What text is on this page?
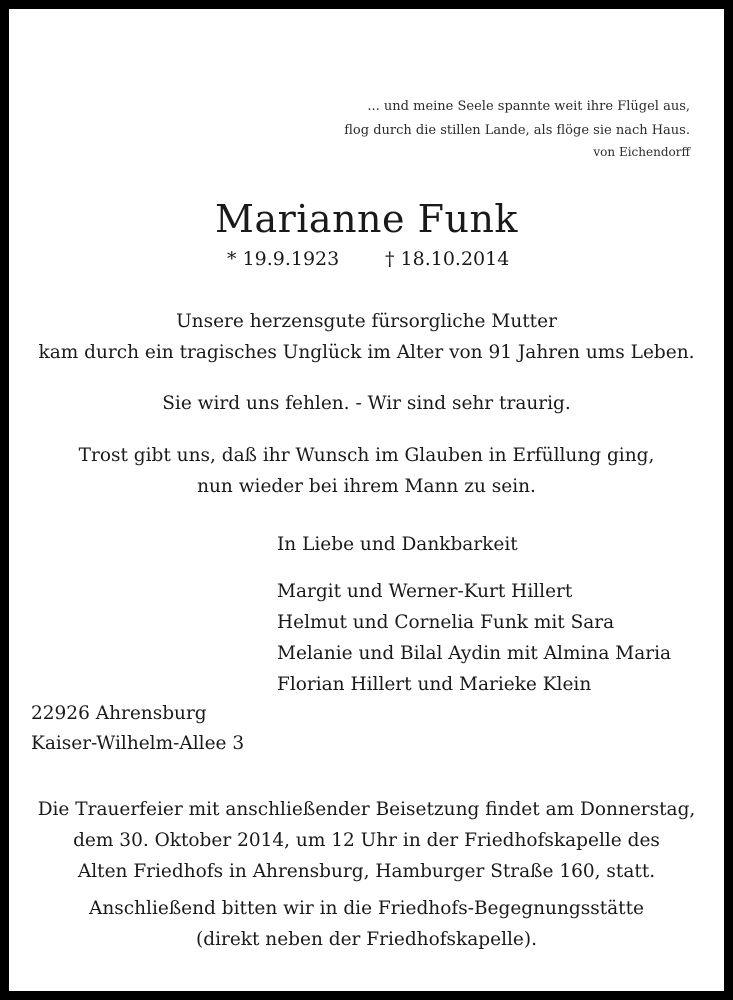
... und meine Seele spannte weit ihre Flügel aus,
flog durch die stillen Lande, als flöge sie nach Haus.
von Eichendorff
Marianne Funk
* 19.9.1923 † 18.10.2014
Unsere herzensgute fürsorgliche Mutter
kam durch ein tragisches Unglück im Alter von 91 Jahren ums Leben.
Sie wird uns fehlen. - Wir sind sehr traurig.
Trost gibt uns, daß ihr Wunsch im Glauben in Erfüllung ging,
nun wieder bei ihrem Mann zu sein.
In Liebe und Dankbarkeit
Margit und Werner-Kurt Hillert
Helmut und Cornelia Funk mit Sara
Melanie und Bilal Aydin mit Almina Maria
Florian Hillert und Marieke Klein
22926 Ahrensburg
Kaiser-Wilhelm-Allee 3
Die Trauerfeier mit anschließender Beisetzung findet am Donnerstag,
dem 30. Oktober 2014, um 12 Uhr in der Friedhofskapelle des
Alten Friedhofs in Ahrensburg, Hamburger Straße 160, statt.
Anschließend bitten wir in die Friedhofs-Begegnungsstätte
(direkt neben der Friedhofskapelle).
